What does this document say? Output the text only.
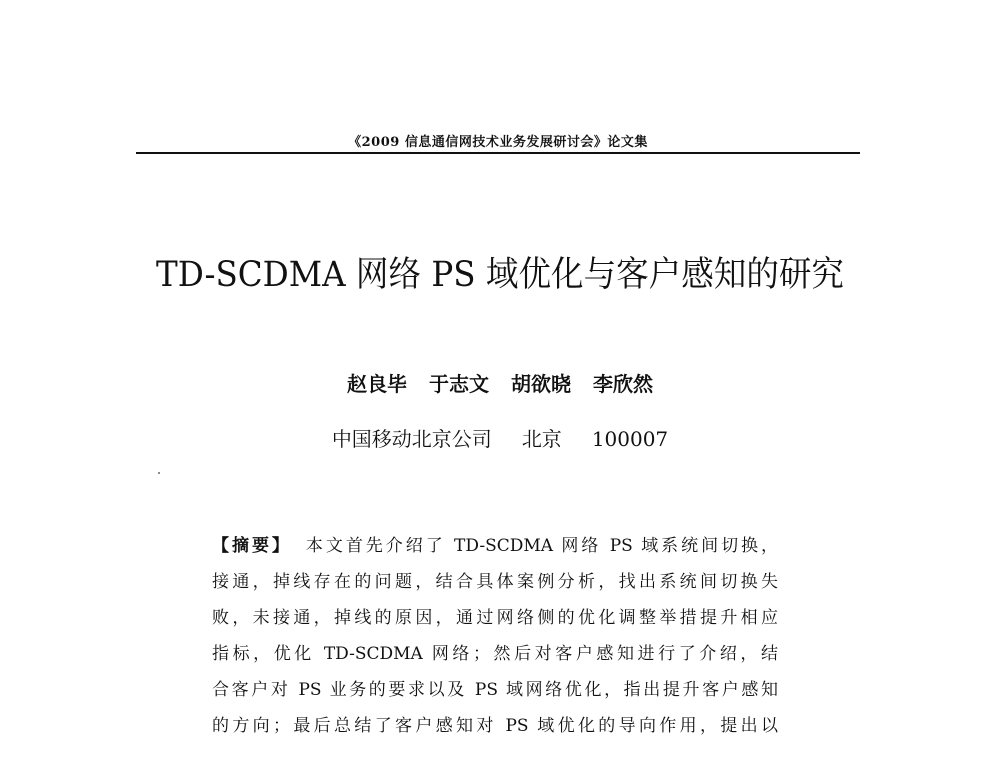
《2009 信息通信网技术业务发展研讨会》论文集
TD-SCDMA 网络 PS 域优化与客户感知的研究
赵良毕 于志文 胡欲晓 李欣然
中国移动北京公司 北京 100007
【摘要】 本文首先介绍了 TD-SCDMA 网络 PS 域系统间切换，
接通，掉线存在的问题，结合具体案例分析，找出系统间切换失
败，未接通，掉线的原因，通过网络侧的优化调整举措提升相应
指标，优化 TD-SCDMA 网络；然后对客户感知进行了介绍，结
合客户对 PS 业务的要求以及 PS 域网络优化，指出提升客户感知
的方向；最后总结了客户感知对 PS 域优化的导向作用，提出以
